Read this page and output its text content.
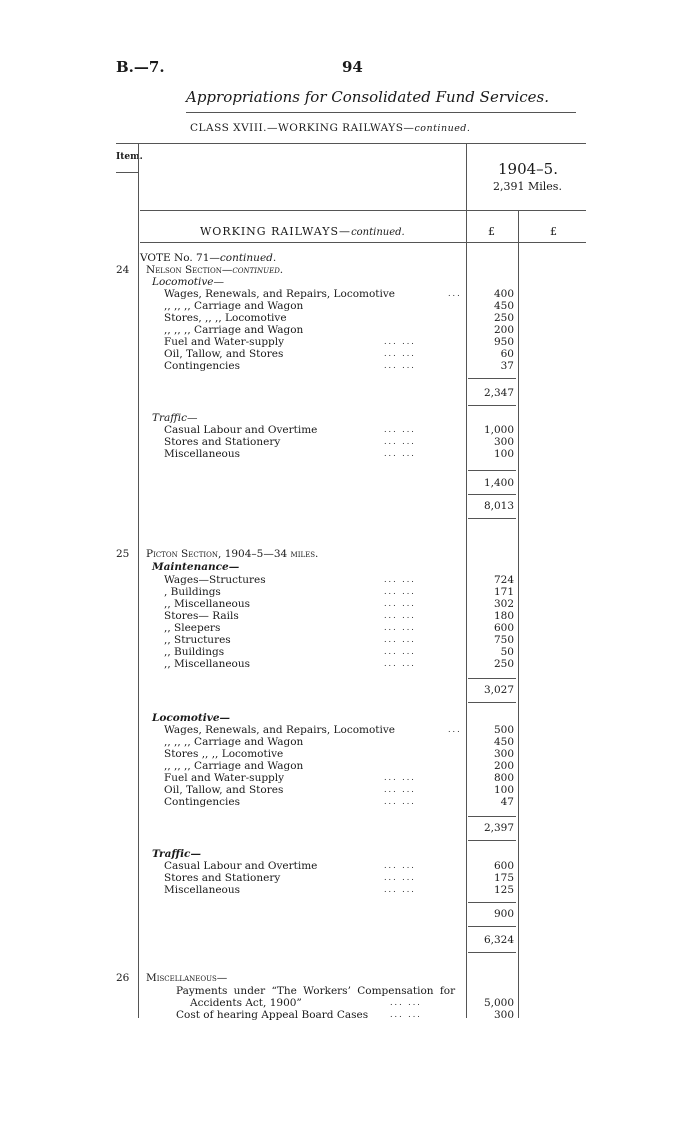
B.—7.	94
Appropriations for Consolidated Fund Services.
CLASS XVIII.—WORKING RAILWAYS—continued.
Item.
1904–5.
2,391 Miles.
WORKING RAILWAYS—continued.	£	£
VOTE No. 71—continued.
24 Nelson Section—continued.
Locomotive—
Wages, Renewals, and Repairs, Locomotive	...	400
,, ,, ,, Carriage and Wagon	450
Stores, ,, ,, Locomotive	250
,, ,, ,, Carriage and Wagon	200
Fuel and Water-supply	... ...	950
Oil, Tallow, and Stores	... ...	60
Contingencies	... ...	37
2,347
Traffic—
Casual Labour and Overtime	... ...	1,000
Stores and Stationery	... ...	300
Miscellaneous	... ...	100
1,400
8,013
25 Picton Section, 1904–5—34 miles.
Maintenance—
Wages—Structures	... ...	724
, Buildings	... ...	171
,, Miscellaneous	... ...	302
Stores— Rails	... ...	180
,, Sleepers	... ...	600
,, Structures	... ...	750
,, Buildings	... ...	50
,, Miscellaneous	... ...	250
3,027
Locomotive—
Wages, Renewals, and Repairs, Locomotive	...	500
,, ,, ,, Carriage and Wagon	450
Stores ,, ,, Locomotive	300
,, ,, ,, Carriage and Wagon	200
Fuel and Water-supply	... ...	800
Oil, Tallow, and Stores	... ...	100
Contingencies	... ...	47
2,397
Traffic—
Casual Labour and Overtime	... ...	600
Stores and Stationery	... ...	175
Miscellaneous	... ...	125
900
6,324
26 Miscellaneous—
Payments under “The Workers’ Compensation for
Accidents Act, 1900”	... ...	5,000
Cost of hearing Appeal Board Cases	... ...	300
